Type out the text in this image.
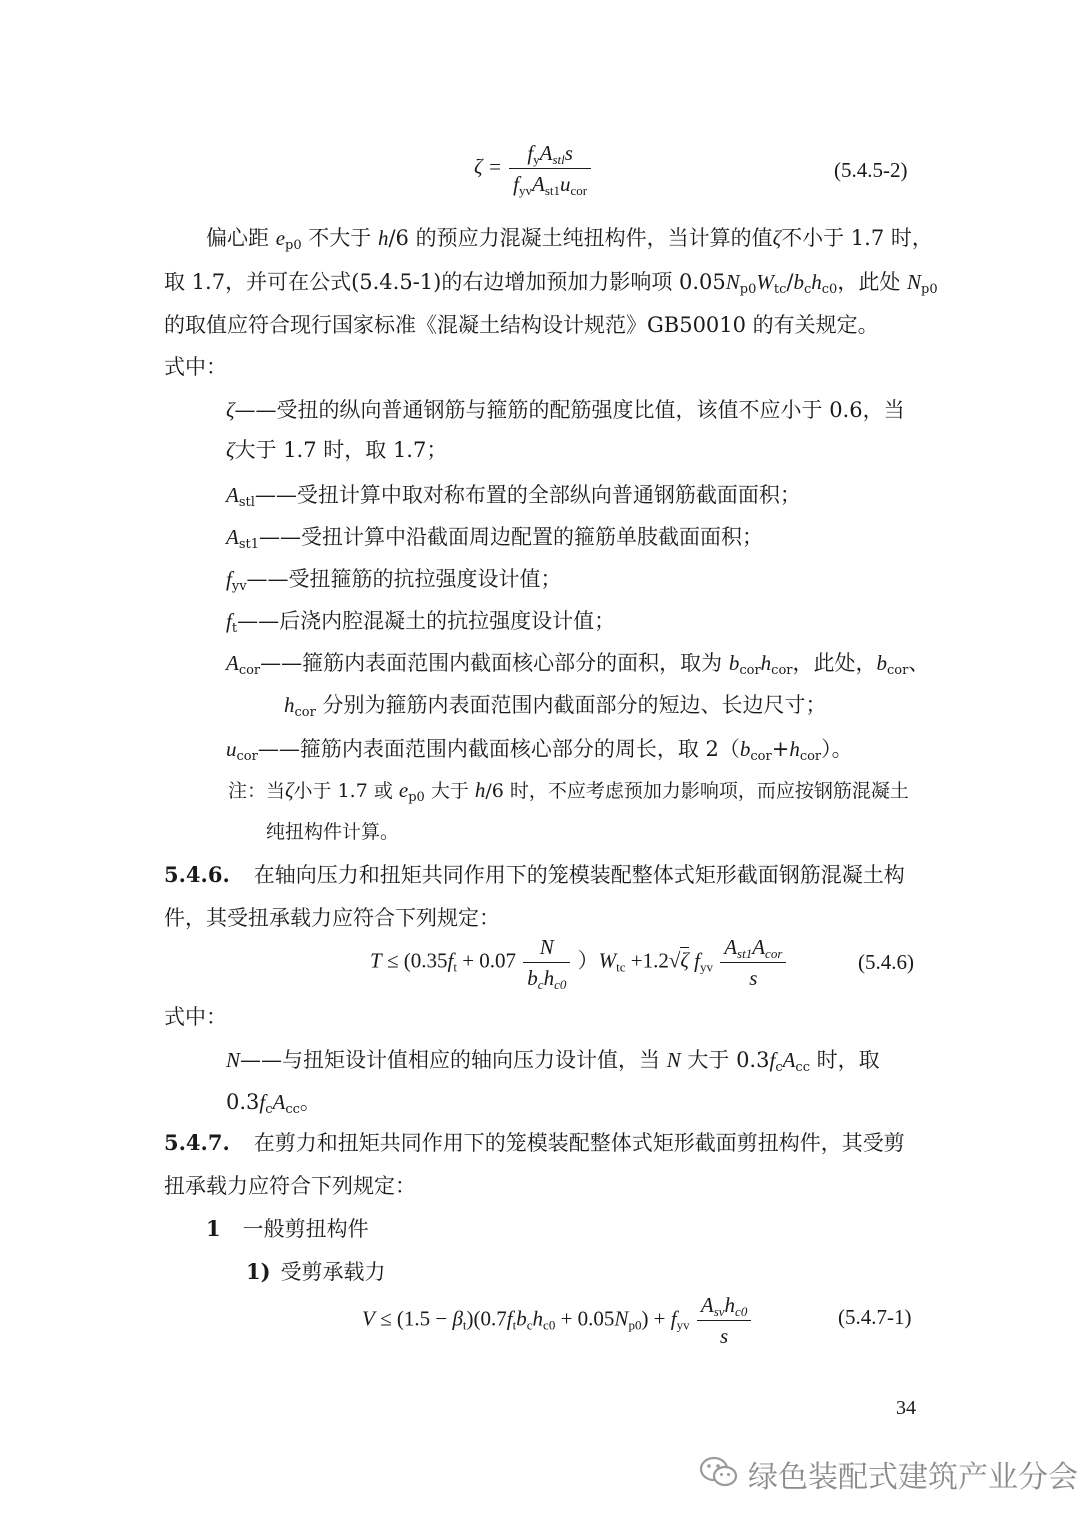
$\zeta = \frac{f_yA_{stl}s}{f_{yv}A_{st1}u_{cor}}$	(5.4.5-2)
偏心距 $e_{p0}$ 不大于 h/6 的预应力混凝土纯扭构件，当计算的值ζ不小于 1.7 时，
取 1.7，并可在公式(5.4.5-1)的右边增加预加力影响项 $0.05N_{p0}W_{tc}/b_ch_{c0}$，此处 $N_{p0}$
的取值应符合现行国家标准《混凝土结构设计规范》GB50010 的有关规定。
式中：
ζ——受扭的纵向普通钢筋与箍筋的配筋强度比值，该值不应小于 0.6，当
ζ大于 1.7 时，取 1.7；
$A_{stl}——$受扭计算中取对称布置的全部纵向普通钢筋截面面积；
$A_{st1}——$受扭计算中沿截面周边配置的箍筋单肢截面面积；
$f_{yv}——$受扭箍筋的抗拉强度设计值；
$f_t——$后浇内腔混凝土的抗拉强度设计值；
$A_{cor}——$箍筋内表面范围内截面核心部分的面积，取为 $b_{cor}h_{cor}$，此处，$b_{cor}$、
$h_{cor}$ 分别为箍筋内表面范围内截面部分的短边、长边尺寸；
$u_{cor}——$箍筋内表面范围内截面核心部分的周长，取 $2(b_{cor}+h_{cor})$。
注：当ζ小于 1.7 或 $e_{p0}$ 大于 h/6 时，不应考虑预加力影响项，而应按钢筋混凝土
纯扭构件计算。
5.4.6. 在轴向压力和扭矩共同作用下的笼模装配整体式矩形截面钢筋混凝土构
件，其受扭承载力应符合下列规定：
$T \le (0.35f_t + 0.07 \frac{N}{b_ch_{c0}} )W_{tc} +1.2√\zeta$ $f_{yv} \frac{A_{st1}A_{cor}}{s}$	(5.4.6)
式中：
N——与扭矩设计值相应的轴向压力设计值，当 N 大于 $0.3f_cA_{cc}$ 时，取
$0.3f_cA_{cc}$。
5.4.7. 在剪力和扭矩共同作用下的笼模装配整体式矩形截面剪扭构件，其受剪
扭承载力应符合下列规定：
1 一般剪扭构件
1) 受剪承载力
$V \le (1.5 - \beta_t)(0.7f_tb_ch_{c0} + 0.05N_{p0}) + f_{yv} \frac{A_{sv}h_{c0}}{s}$	(5.4.7-1)
34
绿色装配式建筑产业分会
